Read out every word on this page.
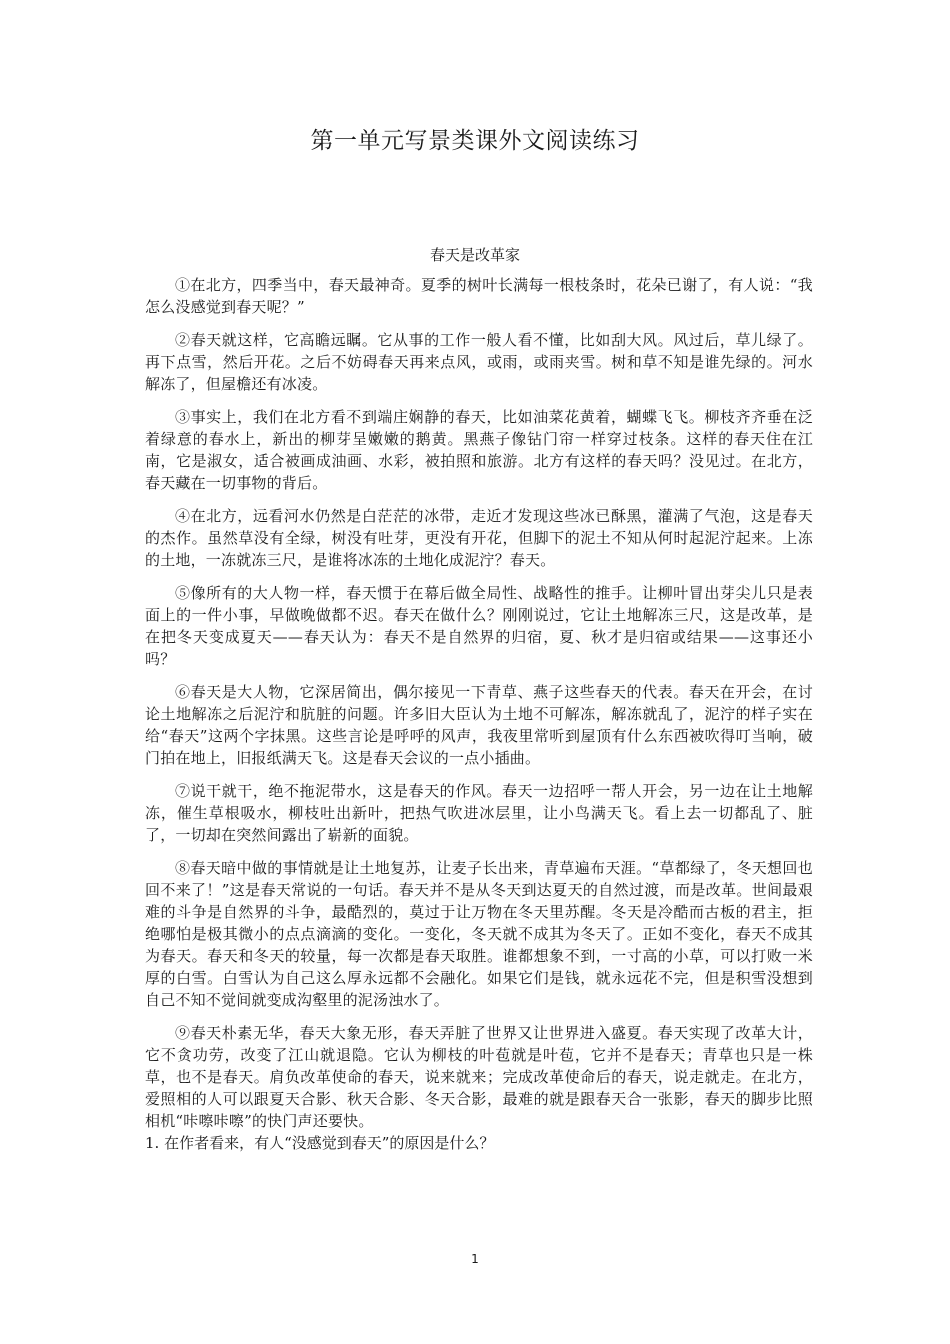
第一单元写景类课外文阅读练习
春天是改革家

①在北方，四季当中，春天最神奇。夏季的树叶长满每一根枝条时，花朵已谢了，有人说：“我怎么没感觉到春天呢？”

②春天就这样，它高瞻远瞩。它从事的工作一般人看不懂，比如刮大风。风过后，草儿绿了。再下点雪，然后开花。之后不妨碍春天再来点风，或雨，或雨夹雪。树和草不知是谁先绿的。河水解冻了，但屋檐还有冰凌。

③事实上，我们在北方看不到端庄娴静的春天，比如油菜花黄着，蝴蝶飞飞。柳枝齐齐垂在泛着绿意的春水上，新出的柳芽呈嫩嫩的鹅黄。黑燕子像钻门帘一样穿过枝条。这样的春天住在江南，它是淑女，适合被画成油画、水彩，被拍照和旅游。北方有这样的春天吗？没见过。在北方，春天藏在一切事物的背后。

④在北方，远看河水仍然是白茫茫的冰带，走近才发现这些冰已酥黑，灌满了气泡，这是春天的杰作。虽然草没有全绿，树没有吐芽，更没有开花，但脚下的泥土不知从何时起泥泞起来。上冻的土地，一冻就冻三尺，是谁将冰冻的土地化成泥泞？春天。

⑤像所有的大人物一样，春天惯于在幕后做全局性、战略性的推手。让柳叶冒出芽尖儿只是表面上的一件小事，早做晚做都不迟。春天在做什么？刚刚说过，它让土地解冻三尺，这是改革，是在把冬天变成夏天——春天认为：春天不是自然界的归宿，夏、秋才是归宿或结果——这事还小吗？

⑥春天是大人物，它深居简出，偶尔接见一下青草、燕子这些春天的代表。春天在开会，在讨论土地解冻之后泥泞和肮脏的问题。许多旧大臣认为土地不可解冻，解冻就乱了，泥泞的样子实在给“春天”这两个字抹黑。这些言论是呼呼的风声，我夜里常听到屋顶有什么东西被吹得叮当响，破门拍在地上，旧报纸满天飞。这是春天会议的一点小插曲。

⑦说干就干，绝不拖泥带水，这是春天的作风。春天一边招呼一帮人开会，另一边在让土地解冻，催生草根吸水，柳枝吐出新叶，把热气吹进冰层里，让小鸟满天飞。看上去一切都乱了、脏了，一切却在突然间露出了崭新的面貌。

⑧春天暗中做的事情就是让土地复苏，让麦子长出来，青草遍布天涯。“草都绿了，冬天想回也回不来了！”这是春天常说的一句话。春天并不是从冬天到达夏天的自然过渡，而是改革。世间最艰难的斗争是自然界的斗争，最酷烈的，莫过于让万物在冬天里苏醒。冬天是冷酷而古板的君主，拒绝哪怕是极其微小的点点滴滴的变化。一变化，冬天就不成其为冬天了。正如不变化，春天不成其为春天。春天和冬天的较量，每一次都是春天取胜。谁都想象不到，一寸高的小草，可以打败一米厚的白雪。白雪认为自己这么厚永远都不会融化。如果它们是钱，就永远花不完，但是积雪没想到自己不知不觉间就变成沟壑里的泥汤浊水了。

⑨春天朴素无华，春天大象无形，春天弄脏了世界又让世界进入盛夏。春天实现了改革大计，它不贪功劳，改变了江山就退隐。它认为柳枝的叶苞就是叶苞，它并不是春天；青草也只是一株草，也不是春天。肩负改革使命的春天，说来就来；完成改革使命后的春天，说走就走。在北方，爱照相的人可以跟夏天合影、秋天合影、冬天合影，最难的就是跟春天合一张影，春天的脚步比照相机“咔嚓咔嚓”的快门声还要快。

1. 在作者看来，有人“没感觉到春天”的原因是什么？
1
